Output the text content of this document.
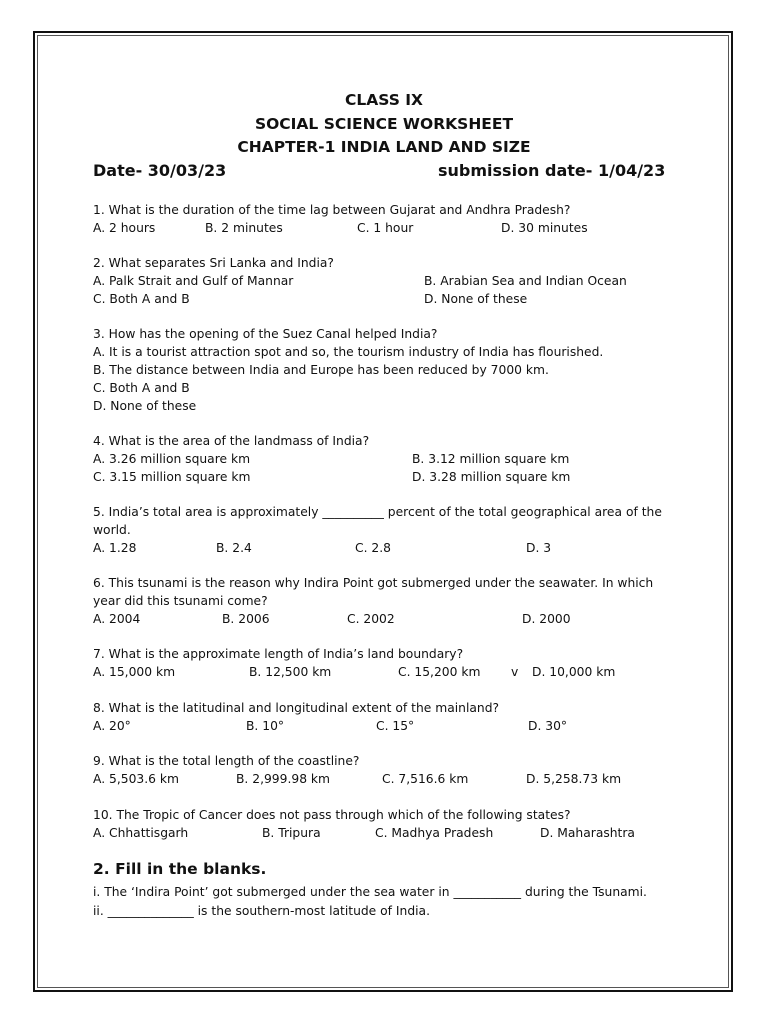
CLASS IX
SOCIAL SCIENCE WORKSHEET
CHAPTER-1 INDIA LAND AND SIZE
Date- 30/03/23	submission date- 1/04/23
1. What is the duration of the time lag between Gujarat and Andhra Pradesh?
A. 2 hours	B. 2 minutes	C. 1 hour	D. 30 minutes
2. What separates Sri Lanka and India?
A. Palk Strait and Gulf of Mannar	B. Arabian Sea and Indian Ocean
C. Both A and B	D. None of these
3. How has the opening of the Suez Canal helped India?
A. It is a tourist attraction spot and so, the tourism industry of India has flourished.
B. The distance between India and Europe has been reduced by 7000 km.
C. Both A and B
D. None of these
4. What is the area of the landmass of India?
A. 3.26 million square km	B. 3.12 million square km
C. 3.15 million square km	D. 3.28 million square km
5. India’s total area is approximately __________ percent of the total geographical area of the world.
A. 1.28	B. 2.4	C. 2.8	D. 3
6. This tsunami is the reason why Indira Point got submerged under the seawater. In which year did this tsunami come?
A. 2004	B. 2006	C. 2002	D. 2000
7. What is the approximate length of India’s land boundary?
A. 15,000 km	B. 12,500 km	C. 15,200 km v D. 10,000 km
8. What is the latitudinal and longitudinal extent of the mainland?
A. 20°	B. 10°	C. 15°	D. 30°
9. What is the total length of the coastline?
A. 5,503.6 km	B. 2,999.98 km	C. 7,516.6 km	D. 5,258.73 km
10. The Tropic of Cancer does not pass through which of the following states?
A. Chhattisgarh	B. Tripura	C. Madhya Pradesh	D. Maharashtra
2. Fill in the blanks.
i. The ‘Indira Point’ got submerged under the sea water in ___________ during the Tsunami.
ii. ______________ is the southern-most latitude of India.
